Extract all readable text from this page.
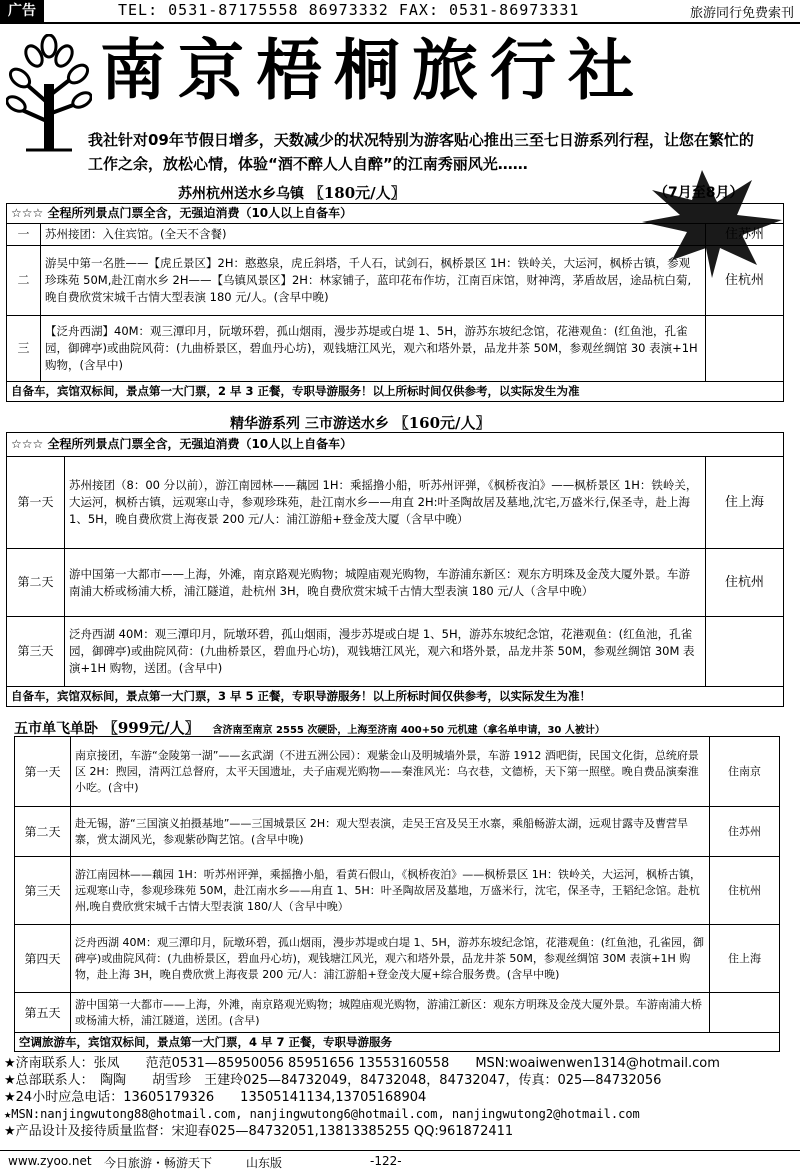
广告	TEL: 0531-87175558 86973332 FAX: 0531-86973331	旅游同行免费索刊
南京梧桐旅行社
我社针对09年节假日增多，天数减少的状况特别为游客贴心推出三至七日游系列行程，让您在繁忙的工作之余，放松心情，体验“酒不醉人人自醉”的江南秀丽风光……
苏州杭州送水乡乌镇 〖180元/人〗	（7月至8月）
☆☆☆ 全程所列景点门票全含，无强迫消费（10人以上自备车）		
一	苏州接团：入住宾馆。(全天不含餐)	住苏州
二	游吴中第一名胜——【虎丘景区】2H：憨憨泉，虎丘斜塔，千人石，试剑石，枫桥景区 1H：铁岭关，大运河，枫桥古镇，参观珍珠苑 50M,赴江南水乡 2H——【乌镇风景区】2H：林家铺子，蓝印花布作坊，江南百床馆，财神湾，茅盾故居，途品杭白菊,晚自费欣赏宋城千古情大型表演 180 元/人。(含早中晚)	住杭州
三	【泛舟西湖】40M：观三潭印月，阮墩环碧，孤山烟雨，漫步苏堤或白堤 1、5H，游苏东坡纪念馆，花港观鱼：(红鱼池，孔雀园，御碑亭)或曲院风荷：(九曲桥景区，碧血丹心坊)，观钱塘江风光，观六和塔外景，品龙井茶 50M，参观丝绸馆 30 表演+1H 购物，(含早中)	
自备车，宾馆双标间，景点第一大门票，2 早 3 正餐，专职导游服务！以上所标时间仅供参考，以实际发生为准		
精华游系列 三市游送水乡 〖160元/人〗
☆☆☆ 全程所列景点门票全含，无强迫消费（10人以上自备车）		
第一天	苏州接团（8：00 分以前），游江南园林——藕园 1H：乘摇撸小船，听苏州评弹，《枫桥夜泊》——枫桥景区 1H：铁岭关，大运河，枫桥古镇，远观寒山寺，参观珍珠苑，赴江南水乡——甪直 2H:叶圣陶故居及墓地,沈宅,万盛米行,保圣寺，赴上海 1、5H，晚自费欣赏上海夜景 200 元/人：浦江游船+登金茂大厦（含早中晚）	住上海
第二天	游中国第一大都市——上海，外滩，南京路观光购物；城隍庙观光购物，车游浦东新区：观东方明珠及金茂大厦外景。车游南浦大桥或杨浦大桥，浦江隧道，赴杭州 3H，晚自费欣赏宋城千古情大型表演 180 元/人（含早中晚）	住杭州
第三天	泛舟西湖 40M：观三潭印月，阮墩环碧，孤山烟雨，漫步苏堤或白堤 1、5H，游苏东坡纪念馆，花港观鱼：(红鱼池，孔雀园，御碑亭)或曲院风荷：(九曲桥景区，碧血丹心坊)，观钱塘江风光，观六和塔外景，品龙井茶 50M，参观丝绸馆 30M 表演+1H 购物，送团。(含早中)	
自备车，宾馆双标间，景点第一大门票，3 早 5 正餐，专职导游服务！以上所标时间仅供参考，以实际发生为准！		
五市单飞单卧 〖999元/人〗 含济南至南京 2555 次硬卧，上海至济南 400+50 元机建（拿名单申请，30 人被计）
第一天	南京接团，车游“金陵第一湖”——玄武湖（不进五洲公园）：观紫金山及明城墙外景，车游 1912 酒吧街，民国文化街，总统府景区 2H：煦园，清两江总督府，太平天国遗址，夫子庙观光购物——秦淮风光：乌衣巷，文德桥，天下第一照壁。晚自费品演秦淮小吃。(含中)	住南京
第二天	赴无锡，游“三国演义拍摄基地”——三国城景区 2H：观大型表演，走吴王宫及吴王水寨，乘船畅游太湖，远观甘露寺及曹营旱寨，赏太湖风光，参观紫砂陶艺馆。(含早中晚)	住苏州
第三天	游江南园林——藕园 1H：听苏州评弹，乘摇撸小船，看黄石假山，《枫桥夜泊》——枫桥景区 1H：铁岭关，大运河，枫桥古镇，远观寒山寺，参观珍珠苑 50M，赴江南水乡——甪直 1、5H：叶圣陶故居及墓地，万盛米行，沈宅，保圣寺，王韬纪念馆。赴杭州,晚自费欣赏宋城千古情大型表演 180/人（含早中晚）	住杭州
第四天	泛舟西湖 40M：观三潭印月，阮墩环碧，孤山烟雨，漫步苏堤或白堤 1、5H，游苏东坡纪念馆，花港观鱼：(红鱼池，孔雀园，御碑亭)或曲院风荷：(九曲桥景区，碧血丹心坊)，观钱塘江风光，观六和塔外景，品龙井茶 50M，参观丝绸馆 30M 表演+1H 购物，赴上海 3H，晚自费欣赏上海夜景 200 元/人：浦江游船+登金茂大厦+综合服务费。(含早中晚)	住上海
第五天	游中国第一大都市——上海，外滩，南京路观光购物；城隍庙观光购物，游浦江新区：观东方明珠及金茂大厦外景。车游南浦大桥或杨浦大桥，浦江隧道，送团。(含早)	
空调旅游车，宾馆双标间，景点第一大门票，4 早 7 正餐，专职导游服务		
★济南联系人：张凤　　范范0531—85950056 85951656 13553160558　　MSN:woaiwenwen1314@hotmail.com
★总部联系人：　陶陶　　胡雪珍　王建玲025—84732049，84732048，84732047，传真：025—84732056
★24小时应急电话：13605179326　　13505141134,13705168904
★MSN:nanjingwutong88@hotmail.com, nanjingwutong6@hotmail.com, nanjingwutong2@hotmail.com
★产品设计及接待质量监督：宋迎春025—84732051,13813385255 QQ:961872411
www.zyoo.net 今日旅游・畅游天下	山东版	-122-
